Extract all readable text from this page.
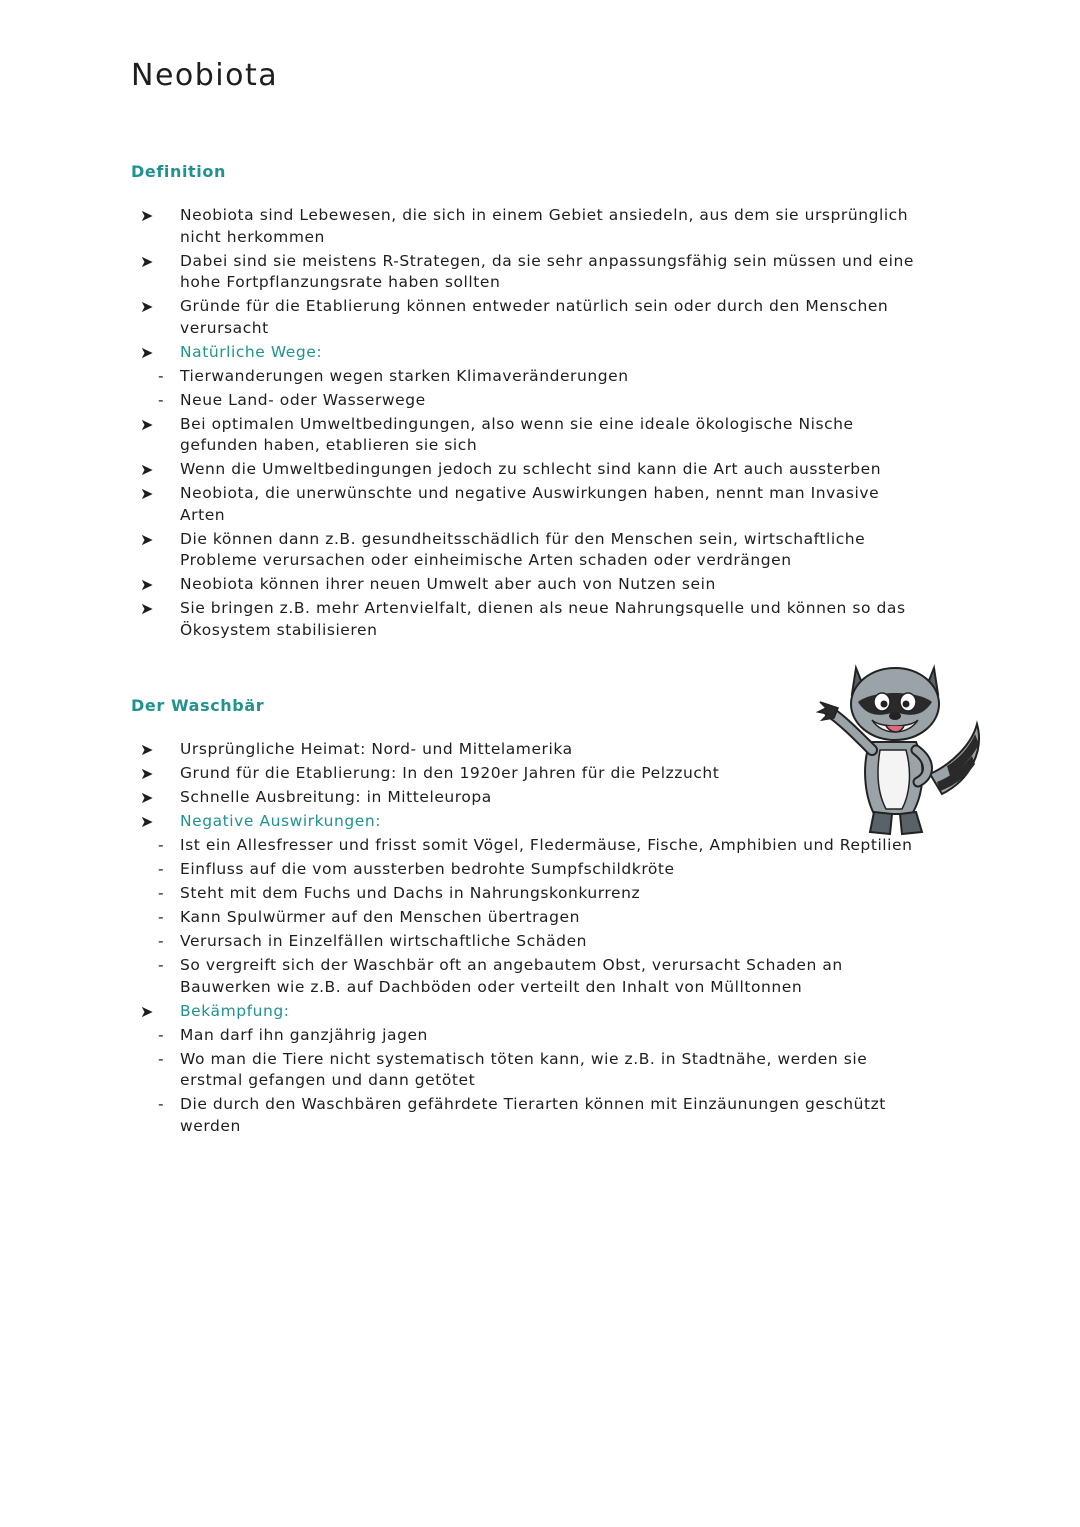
Neobiota
Definition
➤	Neobiota sind Lebewesen, die sich in einem Gebiet ansiedeln, aus dem sie ursprünglich nicht herkommen
➤	Dabei sind sie meistens R-Strategen, da sie sehr anpassungsfähig sein müssen und eine hohe Fortpflanzungsrate haben sollten
➤	Gründe für die Etablierung können entweder natürlich sein oder durch den Menschen verursacht
➤	Natürliche Wege:
-	Tierwanderungen wegen starken Klimaveränderungen
-	Neue Land- oder Wasserwege
➤	Bei optimalen Umweltbedingungen, also wenn sie eine ideale ökologische Nische gefunden haben, etablieren sie sich
➤	Wenn die Umweltbedingungen jedoch zu schlecht sind kann die Art auch aussterben
➤	Neobiota, die unerwünschte und negative Auswirkungen haben, nennt man Invasive Arten
➤	Die können dann z.B. gesundheitsschädlich für den Menschen sein, wirtschaftliche Probleme verursachen oder einheimische Arten schaden oder verdrängen
➤	Neobiota können ihrer neuen Umwelt aber auch von Nutzen sein
➤	Sie bringen z.B. mehr Artenvielfalt, dienen als neue Nahrungsquelle und können so das Ökosystem stabilisieren
Der Waschbär
➤	Ursprüngliche Heimat: Nord- und Mittelamerika
➤	Grund für die Etablierung: In den 1920er Jahren für die Pelzzucht
➤	Schnelle Ausbreitung: in Mitteleuropa
➤	Negative Auswirkungen:
-	Ist ein Allesfresser und frisst somit Vögel, Fledermäuse, Fische, Amphibien und Reptilien
-	Einfluss auf die vom aussterben bedrohte Sumpfschildkröte
-	Steht mit dem Fuchs und Dachs in Nahrungskonkurrenz
-	Kann Spulwürmer auf den Menschen übertragen
-	Verursach in Einzelfällen wirtschaftliche Schäden
-	So vergreift sich der Waschbär oft an angebautem Obst, verursacht Schaden an Bauwerken wie z.B. auf Dachböden oder verteilt den Inhalt von Mülltonnen
➤	Bekämpfung:
-	Man darf ihn ganzjährig jagen
-	Wo man die Tiere nicht systematisch töten kann, wie z.B. in Stadtnähe, werden sie erstmal gefangen und dann getötet
-	Die durch den Waschbären gefährdete Tierarten können mit Einzäunungen geschützt werden
